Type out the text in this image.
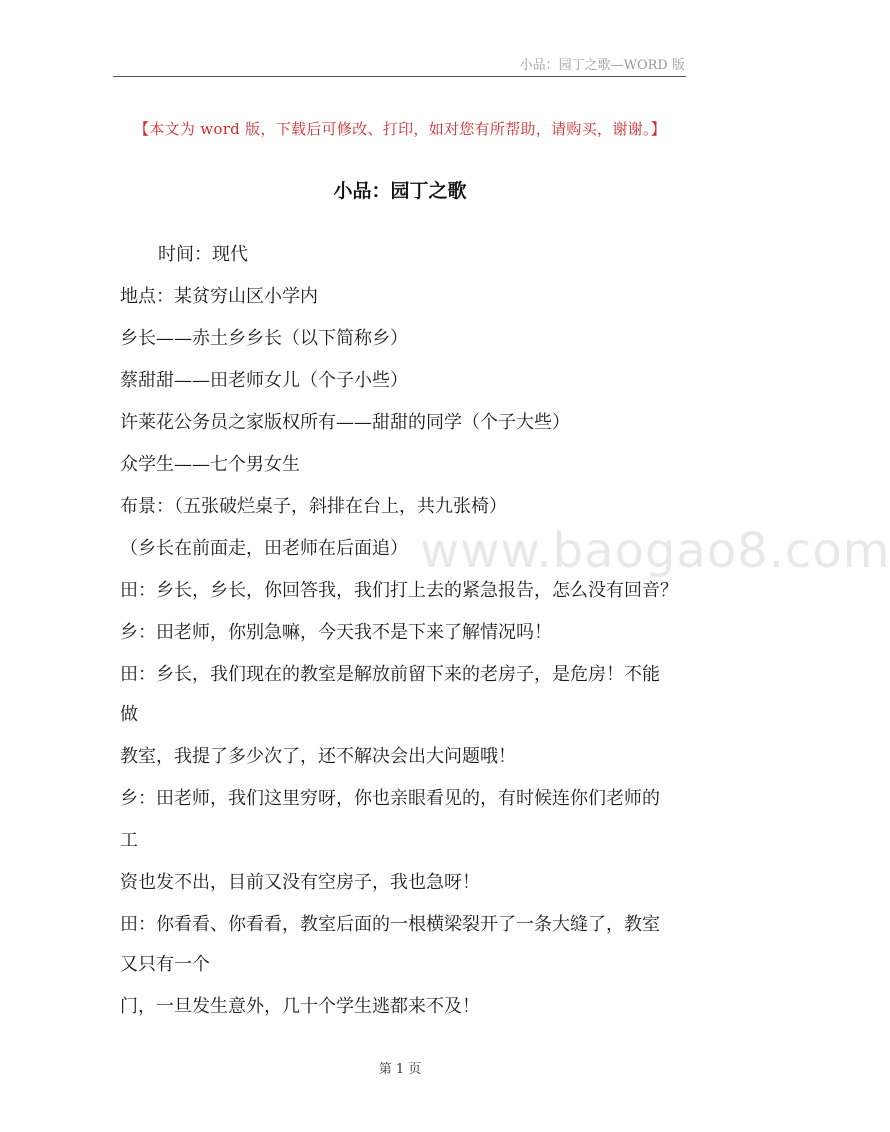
小品：园丁之歌—WORD 版
【本文为 word 版，下载后可修改、打印，如对您有所帮助，请购买，谢谢。】
小品：园丁之歌
www.baogao8.com
时间：现代
地点：某贫穷山区小学内
乡长——赤土乡乡长（以下简称乡）
蔡甜甜——田老师女儿（个子小些）
许莱花公务员之家版权所有——甜甜的同学（个子大些）
众学生——七个男女生
布景：（五张破烂桌子，斜排在台上，共九张椅）
（乡长在前面走，田老师在后面追）
田：乡长，乡长，你回答我，我们打上去的紧急报告，怎么没有回音？
乡：田老师，你别急嘛，今天我不是下来了解情况吗！
田：乡长，我们现在的教室是解放前留下来的老房子，是危房！不能
做
教室，我提了多少次了，还不解决会出大问题哦！
乡：田老师，我们这里穷呀，你也亲眼看见的，有时候连你们老师的
工
资也发不出，目前又没有空房子，我也急呀！
田：你看看、你看看，教室后面的一根横梁裂开了一条大缝了，教室
又只有一个
门，一旦发生意外，几十个学生逃都来不及！
第 1 页
